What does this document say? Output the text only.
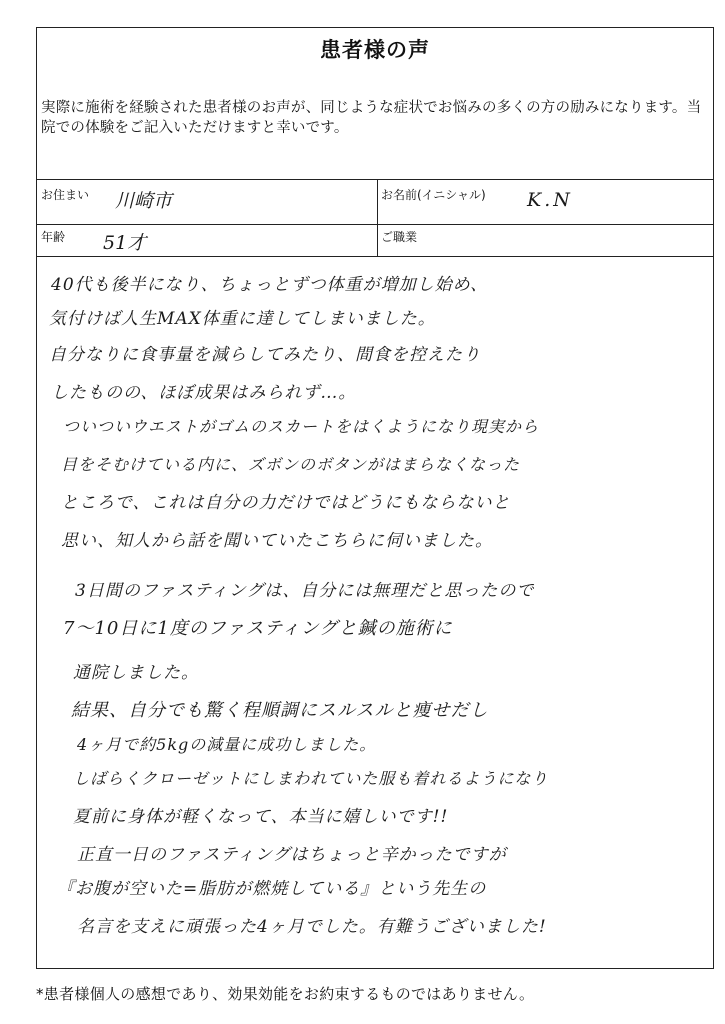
患者様の声
実際に施術を経験された患者様のお声が、同じような症状でお悩みの多くの方の励みになります。当院での体験をご記入いただけますと幸いです。
お住まい 川崎市	お名前(イニシャル) K.N
年齢 51才	ご職業
40代も後半になり、ちょっとずつ体重が増加し始め、
気付けば人生MAX体重に達してしまいました。
自分なりに食事量を減らしてみたり、間食を控えたり
したものの、ほぼ成果はみられず…。
ついついウエストがゴムのスカートをはくようになり現実から
目をそむけている内に、ズボンのボタンがはまらなくなった
ところで、これは自分の力だけではどうにもならないと
思い、知人から話を聞いていたこちらに伺いました。
3日間のファスティングは、自分には無理だと思ったので
7〜10日に1度のファスティングと鍼の施術に
通院しました。
結果、自分でも驚く程順調にスルスルと痩せだし
4ヶ月で約5kgの減量に成功しました。
しばらくクローゼットにしまわれていた服も着れるようになり
夏前に身体が軽くなって、本当に嬉しいです!!
正直一日のファスティングはちょっと辛かったですが
『お腹が空いた=脂肪が燃焼している』という先生の
名言を支えに頑張った4ヶ月でした。有難うございました!
*患者様個人の感想であり、効果効能をお約束するものではありません。
